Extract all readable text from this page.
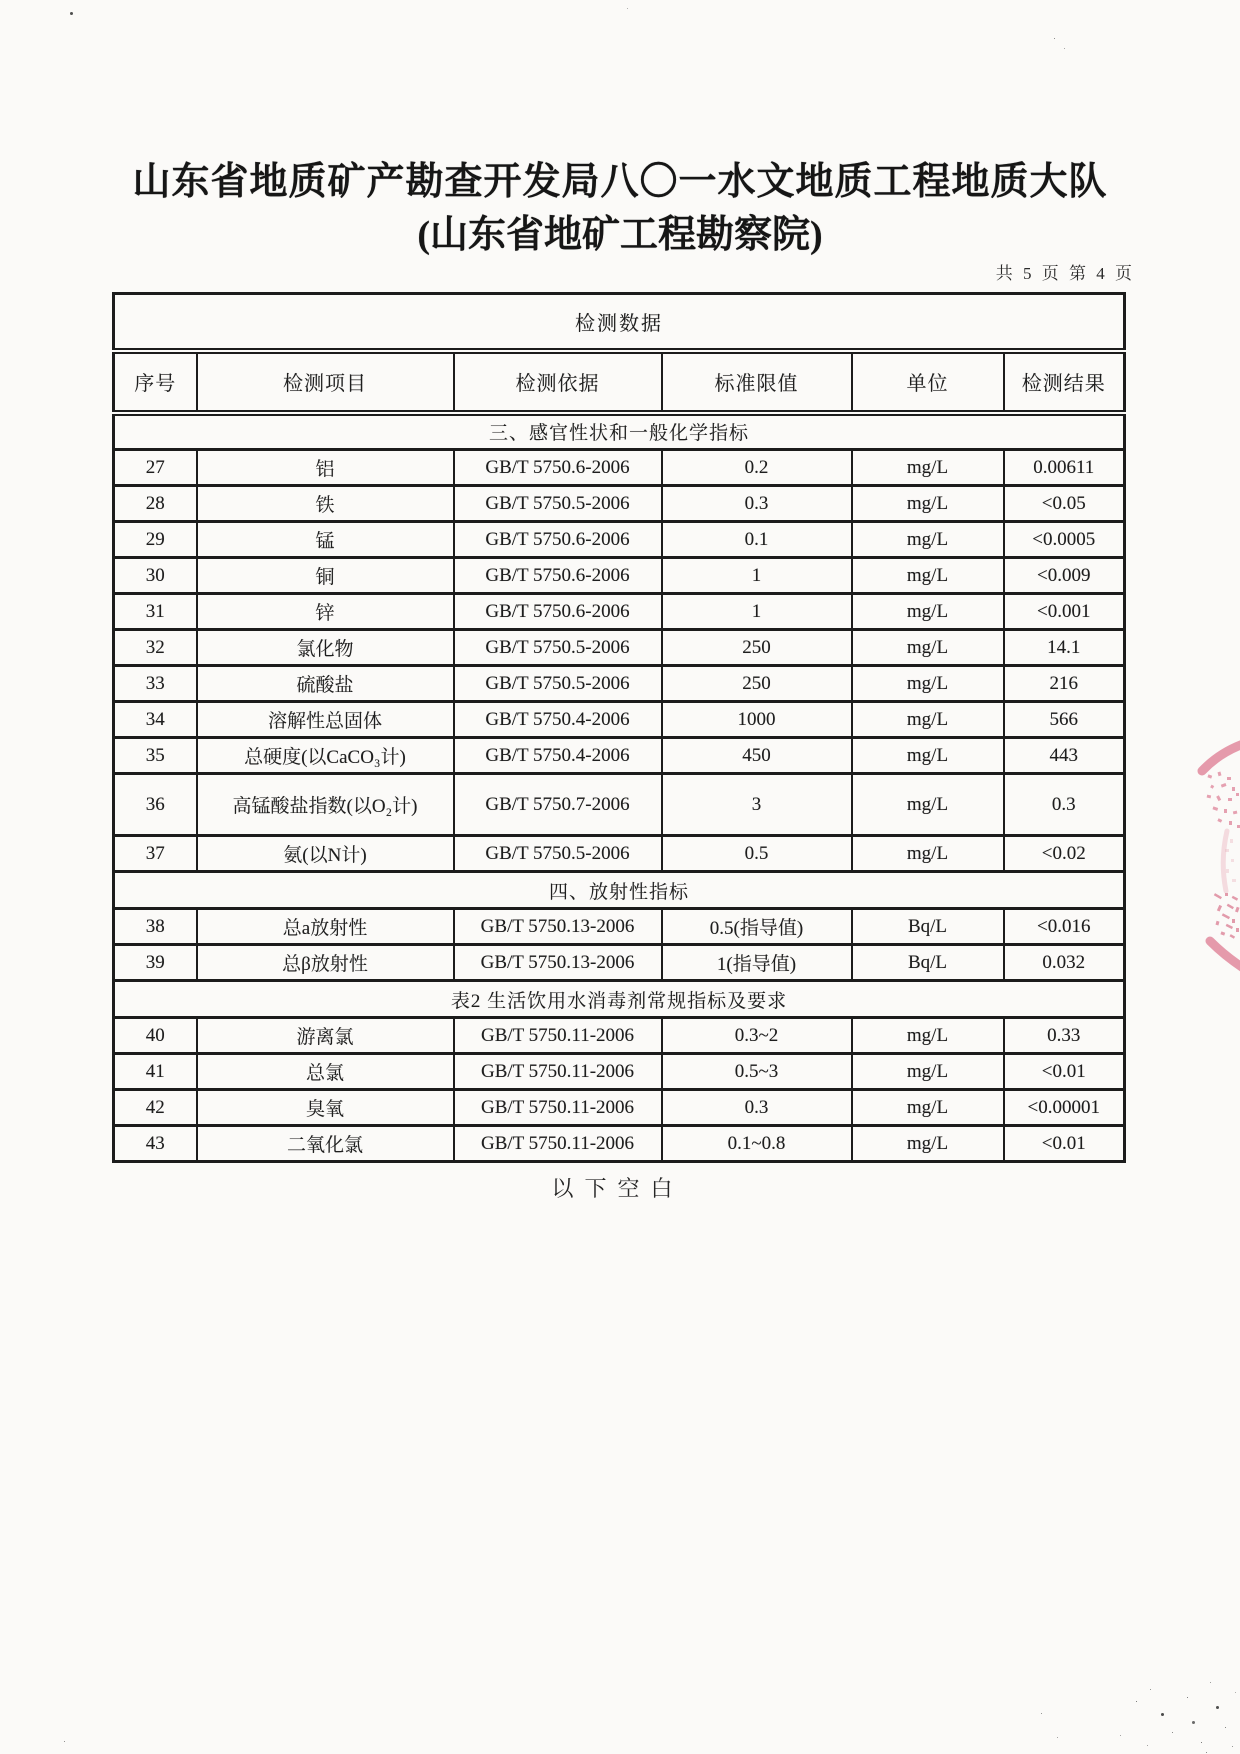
山东省地质矿产勘查开发局八〇一水文地质工程地质大队
(山东省地矿工程勘察院)
共 5 页 第 4 页
检测数据					
序号	检测项目	检测依据	标准限值	单位	检测结果
三、感官性状和一般化学指标					
27	铝	GB/T 5750.6-2006	0.2	mg/L	0.00611
28	铁	GB/T 5750.5-2006	0.3	mg/L	<0.05
29	锰	GB/T 5750.6-2006	0.1	mg/L	<0.0005
30	铜	GB/T 5750.6-2006	1	mg/L	<0.009
31	锌	GB/T 5750.6-2006	1	mg/L	<0.001
32	氯化物	GB/T 5750.5-2006	250	mg/L	14.1
33	硫酸盐	GB/T 5750.5-2006	250	mg/L	216
34	溶解性总固体	GB/T 5750.4-2006	1000	mg/L	566
35	总硬度(以CaCO₃计)	GB/T 5750.4-2006	450	mg/L	443
36	高锰酸盐指数(以O₂计)	GB/T 5750.7-2006	3	mg/L	0.3
37	氨(以N计)	GB/T 5750.5-2006	0.5	mg/L	<0.02
四、放射性指标					
38	总a放射性	GB/T 5750.13-2006	0.5(指导值)	Bq/L	<0.016
39	总β放射性	GB/T 5750.13-2006	1(指导值)	Bq/L	0.032
表2 生活饮用水消毒剂常规指标及要求					
40	游离氯	GB/T 5750.11-2006	0.3~2	mg/L	0.33
41	总氯	GB/T 5750.11-2006	0.5~3	mg/L	<0.01
42	臭氧	GB/T 5750.11-2006	0.3	mg/L	<0.00001
43	二氧化氯	GB/T 5750.11-2006	0.1~0.8	mg/L	<0.01
以下空白
